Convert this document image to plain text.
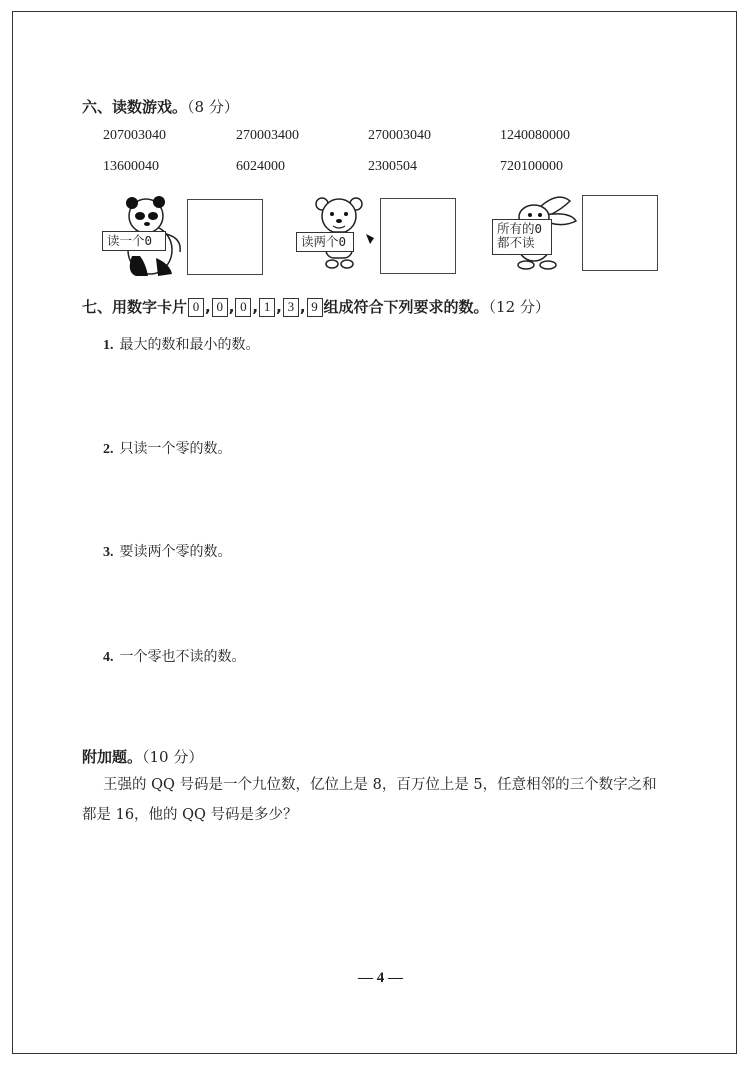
六、读数游戏。（8 分）
207003040	270003400	270003040	1240080000
13600040	6024000	2300504	720100000
读一个0	读两个0
所有的0
都不读
七、用数字卡片 0 , 0 , 0 , 1 , 3 , 9 组成符合下列要求的数。（12 分）
1. 最大的数和最小的数。
2. 只读一个零的数。
3. 要读两个零的数。
4. 一个零也不读的数。
附加题。（10 分）
王强的 QQ 号码是一个九位数，亿位上是 8，百万位上是 5，任意相邻的三个数字之和
都是 16，他的 QQ 号码是多少？
— 4 —
